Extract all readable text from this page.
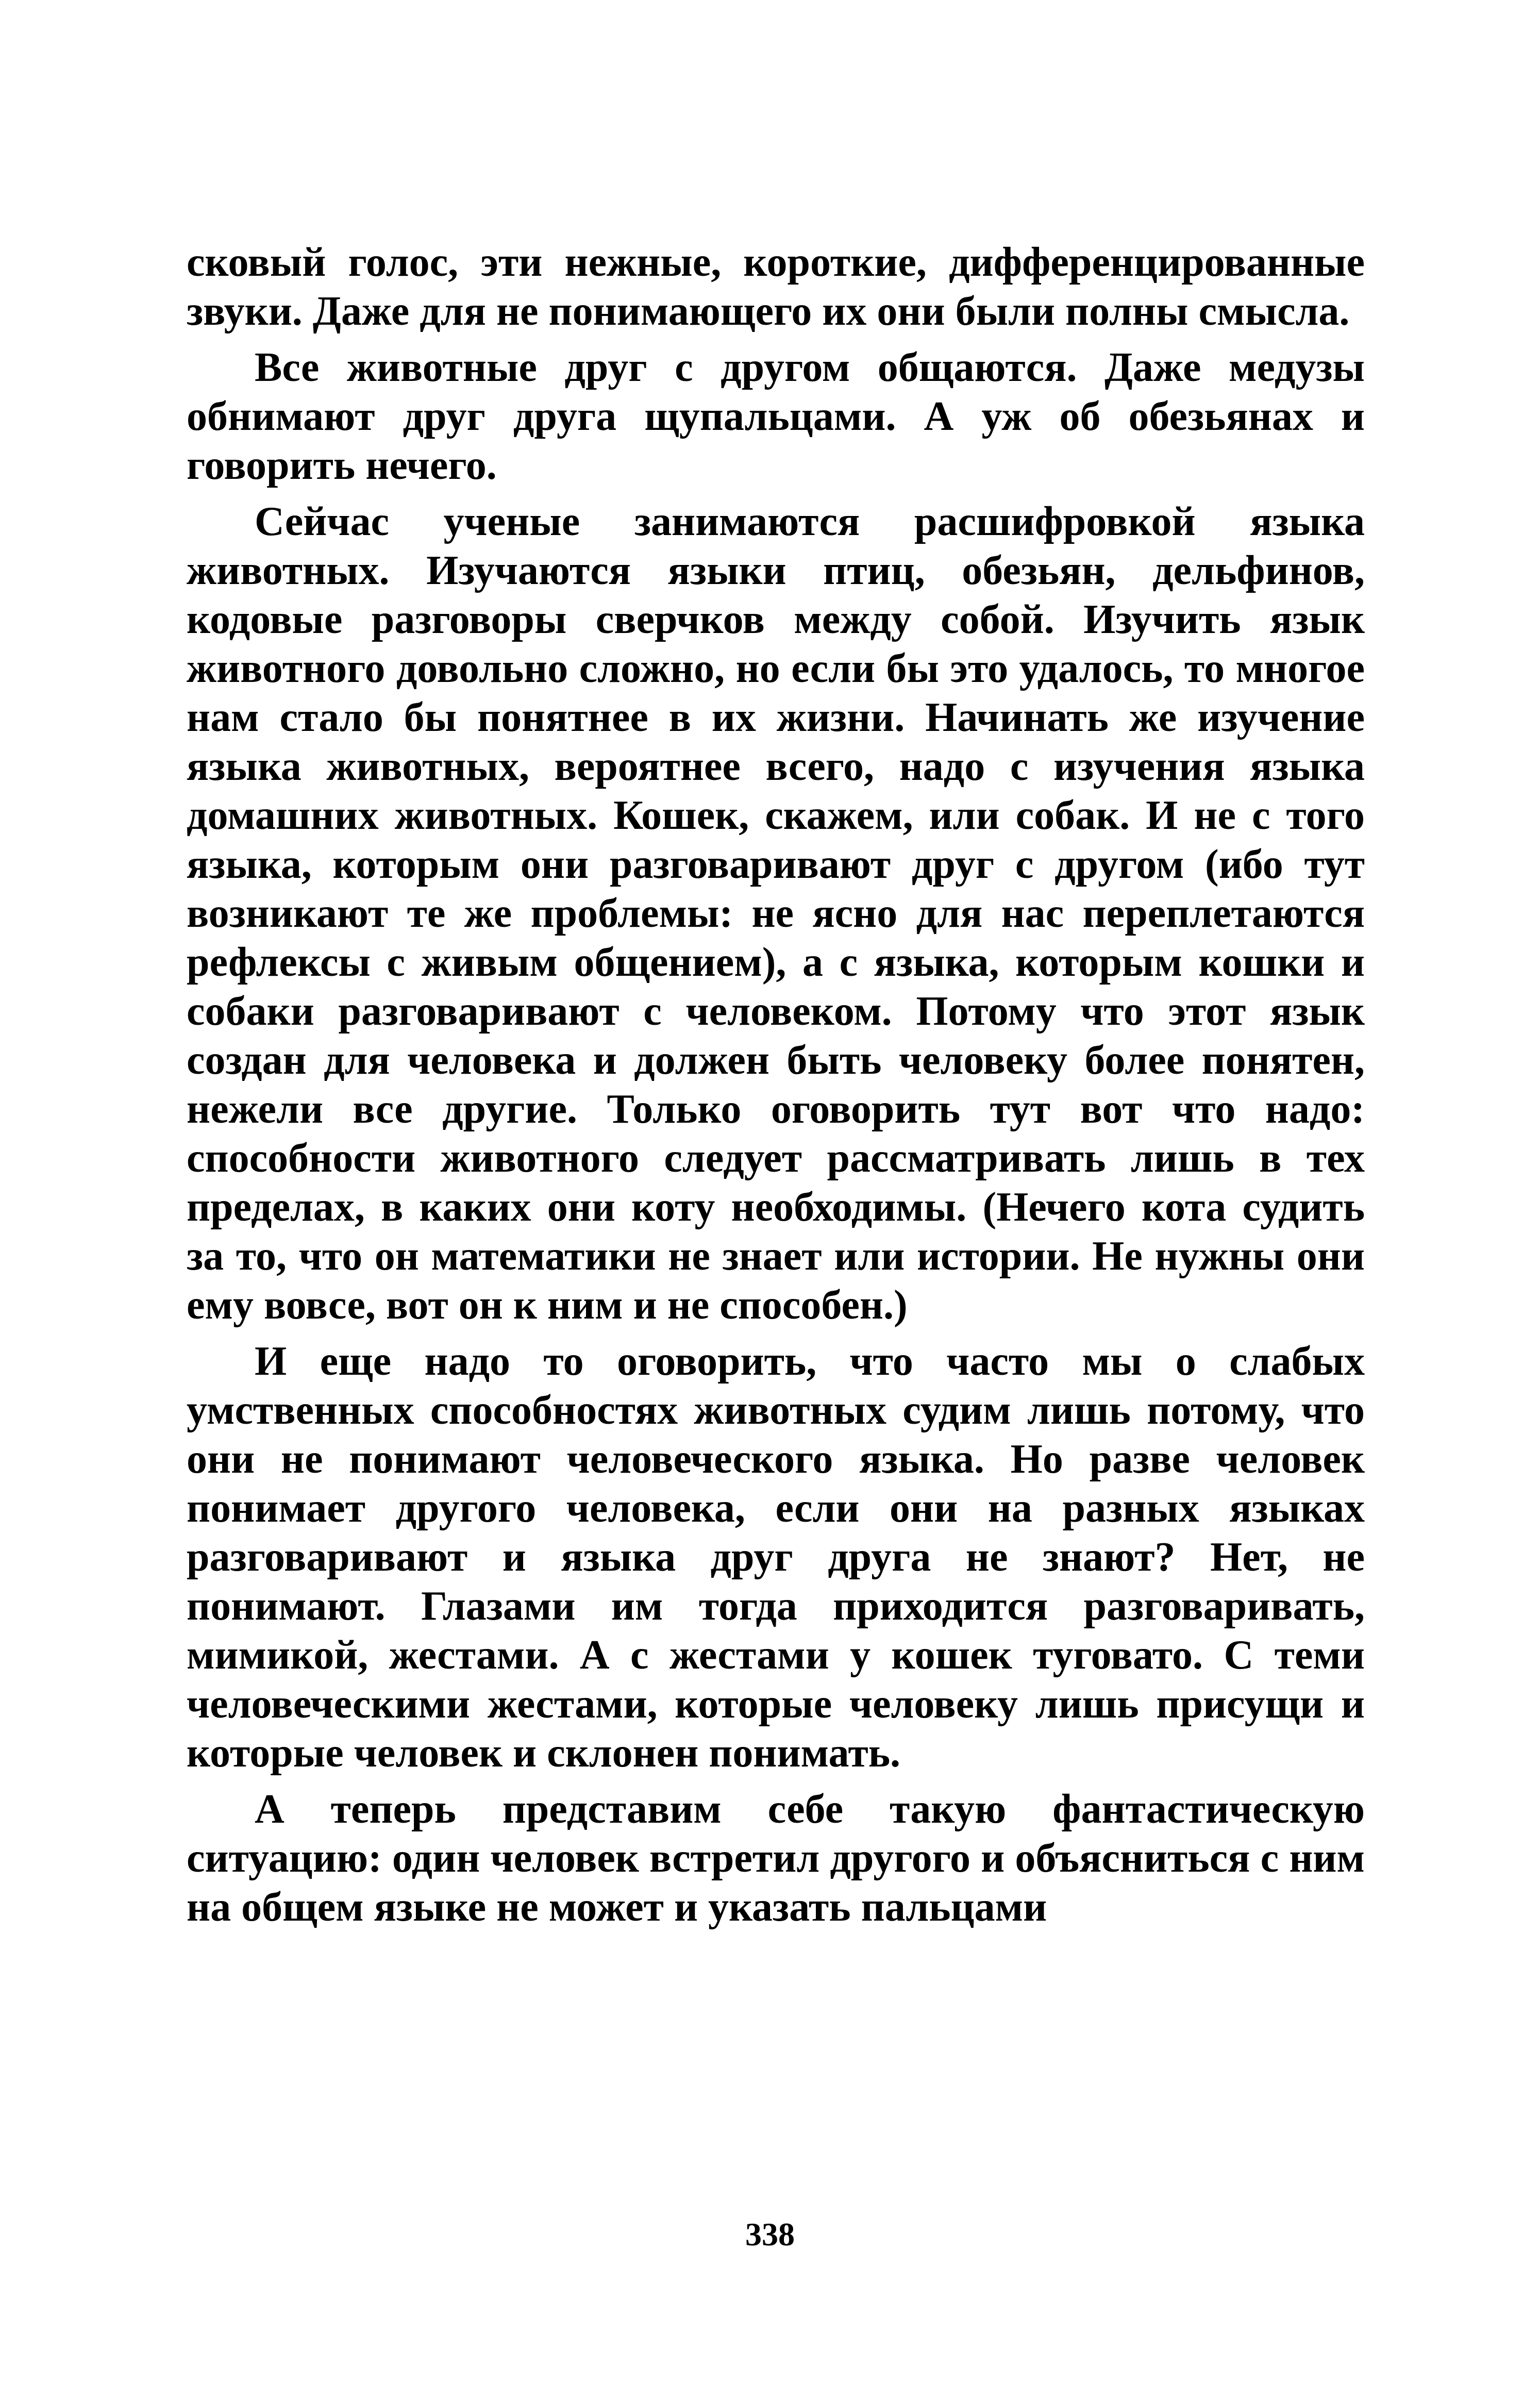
сковый голос, эти нежные, короткие, дифференцированные звуки. Даже для не понимающего их они были полны смысла.

Все животные друг с другом общаются. Даже медузы обнимают друг друга щупальцами. А уж об обезьянах и говорить нечего.

Сейчас ученые занимаются расшифровкой языка животных. Изучаются языки птиц, обезьян, дельфинов, кодовые разговоры сверчков между собой. Изучить язык животного довольно сложно, но если бы это удалось, то многое нам стало бы понятнее в их жизни. Начинать же изучение языка животных, вероятнее всего, надо с изучения языка домашних животных. Кошек, скажем, или собак. И не с того языка, которым они разговаривают друг с другом (ибо тут возникают те же проблемы: не ясно для нас переплетаются рефлексы с живым общением), а с языка, которым кошки и собаки разговаривают с человеком. Потому что этот язык создан для человека и должен быть человеку более понятен, нежели все другие. Только оговорить тут вот что надо: способности животного следует рассматривать лишь в тех пределах, в каких они коту необходимы. (Нечего кота судить за то, что он математики не знает или истории. Не нужны они ему вовсе, вот он к ним и не способен.)

И еще надо то оговорить, что часто мы о слабых умственных способностях животных судим лишь потому, что они не понимают человеческого языка. Но разве человек понимает другого человека, если они на разных языках разговаривают и языка друг друга не знают? Нет, не понимают. Глазами им тогда приходится разговаривать, мимикой, жестами. А с жестами у кошек туговато. С теми человеческими жестами, которые человеку лишь присущи и которые человек и склонен понимать.

А теперь представим себе такую фантастическую ситуацию: один человек встретил другого и объясниться с ним на общем языке не может и указать пальцами

338
